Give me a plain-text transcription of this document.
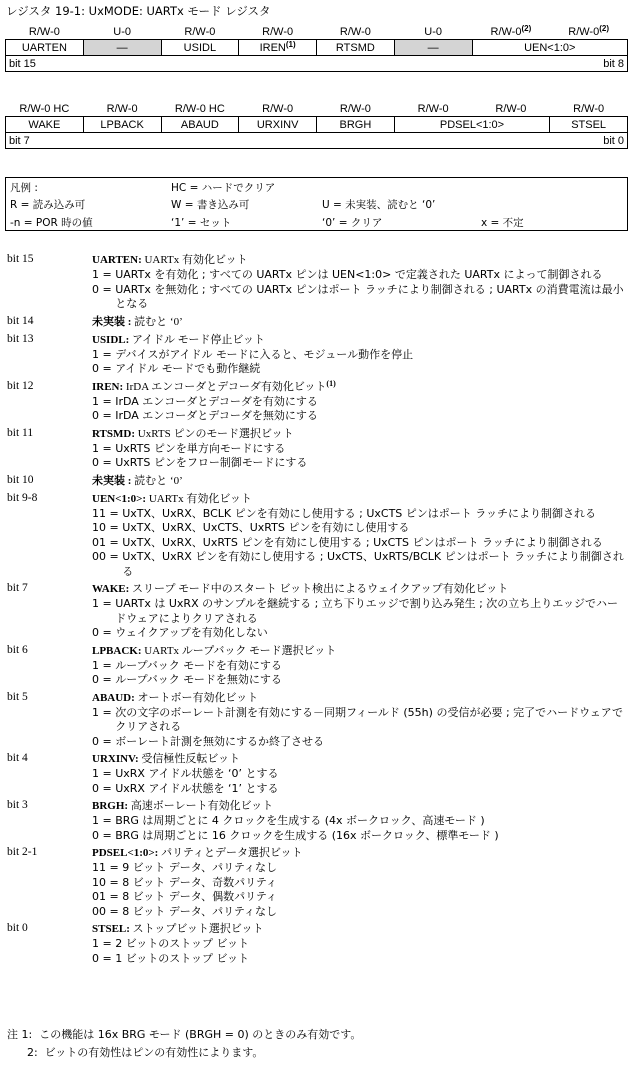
レジスタ 19-1: UxMODE: UARTx モード レジスタ
R/W-0	U-0	R/W-0	R/W-0	R/W-0	U-0	R/W-0$^{(2)}$	R/W-0$^{(2)}$
UARTEN	—	USIDL	IREN$^{(1)}$	RTSMD	—	UEN<1:0>	

bit 15 bit 8							
R/W-0 HC	R/W-0	R/W-0 HC	R/W-0	R/W-0	R/W-0	R/W-0	R/W-0
WAKE	LPBACK	ABAUD	URXINV	BRGH	PDSEL<1:0>		STSEL

bit 7 bit 0							
凡例 :	HC = ハードでクリア
R = 読み込み可	W = 書き込み可	U = 未実装、読むと ‘0’
-n = POR 時の値	‘1’ = セット	‘0’ = クリア	x = 不定
bit 15	UARTEN: UARTx 有効化ビット
1 = UARTx を有効化 ; すべての UARTx ピンは UEN<1:0> で定義された UARTx によって制御される
0 = UARTx を無効化 ; すべての UARTx ピンはポート ラッチにより制御される ; UARTx の消費電流は最小となる
bit 14	未実装 : 読むと ‘0’
bit 13	USIDL: アイドル モード停止ビット
1 = デバイスがアイドル モードに入ると、モジュール動作を停止
0 = アイドル モードでも動作継続
bit 12	IREN: IrDA エンコーダとデコーダ有効化ビット$^{(1)}$
1 = IrDA エンコーダとデコーダを有効にする
0 = IrDA エンコーダとデコーダを無効にする
bit 11	RTSMD: UxRTS ピンのモード選択ビット
1 = UxRTS ピンを単方向モードにする
0 = UxRTS ピンをフロー制御モードにする
bit 10	未実装 : 読むと ‘0’
bit 9-8	UEN<1:0>: UARTx 有効化ビット
11 = UxTX、UxRX、BCLK ピンを有効にし使用する ; UxCTS ピンはポート ラッチにより制御される
10 = UxTX、UxRX、UxCTS、UxRTS ピンを有効にし使用する
01 = UxTX、UxRX、UxRTS ピンを有効にし使用する ; UxCTS ピンはポート ラッチにより制御される
00 = UxTX、UxRX ピンを有効にし使用する ; UxCTS、UxRTS/BCLK ピンはポート ラッチにより制御される
bit 7	WAKE: スリープ モード中のスタート ビット検出によるウェイクアップ有効化ビット
1 = UARTx は UxRX のサンプルを継続する ; 立ち下りエッジで割り込み発生 ; 次の立ち上りエッジでハードウェアによりクリアされる
0 = ウェイクアップを有効化しない
bit 6	LPBACK: UARTx ループバック モード選択ビット
1 = ループバック モードを有効にする
0 = ループバック モードを無効にする
bit 5	ABAUD: オートボー有効化ビット
1 = 次の文字のボーレート計測を有効にする－同期フィールド (55h) の受信が必要 ; 完了でハードウェアでクリアされる
0 = ボーレート計測を無効にするか終了させる
bit 4	URXINV: 受信極性反転ビット
1 = UxRX アイドル状態を ‘0’ とする
0 = UxRX アイドル状態を ‘1’ とする
bit 3	BRGH: 高速ボーレート有効化ビット
1 = BRG は周期ごとに 4 クロックを生成する (4x ボークロック、高速モード )
0 = BRG は周期ごとに 16 クロックを生成する (16x ボークロック、標準モード )
bit 2-1	PDSEL<1:0>: パリティとデータ選択ビット
11 = 9 ビット データ、パリティなし
10 = 8 ビット データ、奇数パリティ
01 = 8 ビット データ、偶数パリティ
00 = 8 ビット データ、パリティなし
bit 0	STSEL: ストップビット選択ビット
1 = 2 ビットのストップ ビット
0 = 1 ビットのストップ ビット
注 1: この機能は 16x BRG モード (BRGH = 0) のときのみ有効です。
2: ビットの有効性はピンの有効性によります。
